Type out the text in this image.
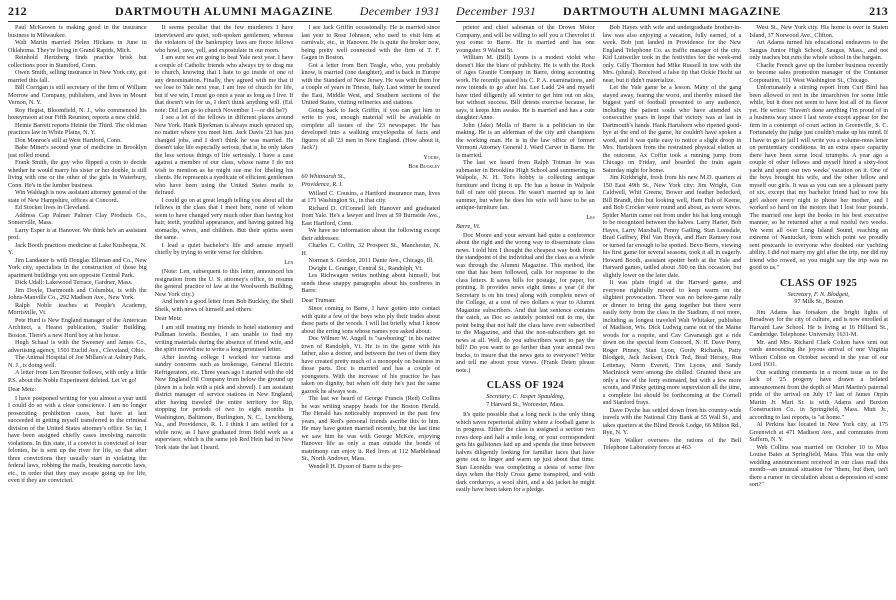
212	DARTMOUTH ALUMNI MAGAZINE	December 1931

Paul McKeown is making good in the insurance business in Milwaukee.

Walt Martin married Helen Hickans in June in Oklahoma. They're living in Grand Rapids, Mich.

Reinhold Hertzberg finds practice brisk but collections poor in Stamford, Conn.

Owen Smith, selling insurance in New York city, got married this fall.

Bill Corrigan is still secretary of the firm of William Morrow and Company, publishers, and lives in Mount Vernon, N. Y.

Roy Hegist, Bloomfield, N. J., who commenced his honeymoon at our Fifth Reunion, reports a new child.

Heinie Barrett reports Heinie the Third. The old man practices law in White Plains, N. Y.

Don Monroe's still at West Hartford, Conn.

Babe Miner's second year of medicine in Brooklyn just rolled round.

Frank Smith, the guy who flipped a coin to decide whether he would marry his sister or her double, is still living with one or the other of the girls in Waterbury, Conn. He's in the lumber business.

Win Waldagh is now assistant attorney general of the state of New Hampshire, offices at Concord.

Ed Stocker lives in Cleveland.

Address Cap Palmer Palmer Clay Products Co., Somerville, Mass.

Larry Esper is at Hanover. We think he's an assistant prof.

Jack Booth practices medicine at Lake Kushequa, N. Y.

Jim Landauer is with Douglas Elliman and Co., New York city, specialists in the construction of those big apartment buildings you see opposite Central Park.

Dick Udall: Lakewood Terrace, Gardner, Mass.

Jim Doyle, Dartmouth and Columbia, is with the Johns-Manville Co., 292 Madison Ave., New York.

Ralph Noble teaches at People's Academy, Morrisville, Vt.

Pete Hurd is New England manager of the American Architect, a Hearst publication, Statler Building, Boston. There's a new Hurd boy at his house.

Hugh Schaaf is with the Sweeney and James Co., advertising agency, 1501 Euclid Ave., Cleveland, Ohio.

The Animal Hospital of Joe Millars's at Asbury Park, N. J., is doing well.

A letter from Len Brooner follows, with only a little P.S. about the Noble Experiment deleted. Let 'er go!

Dear Metz:

I have postponed writing for you almost a year until I could do so with a clear conscience. I am no longer prosecuting prohibition cases, but have at last succeeded in getting myself transferred to the criminal division of the United States attorney's office. So far, I have been assigned chiefly cases involving narcotic violations. In this state, if a convict is convicted of four felonies, he is sent up the river for life, so that after three convictions they usually start in violating the federal laws, robbing the mails, breaking narcotic laws, etc., in order that they may escape going up for life, even if they are convicted.

It seems peculiar that the few murderers I have interviewed are quiet, soft-spoken gentlemen, whereas the violators of the bankruptcy laws are fierce fellows who howl, rave, yell, and expostulate in our room.

I am sure we are going to beat Yale next year. I have a couple of Catholic friends who always try to drag me to church, knowing that I hate to go inside of one of any denomination. Finally, they agreed with me that if we lose to Yale next year, I am free of church for life, but if we win, I must go once a year as long as I live. If that doesn't win for us, I don't think anything will. (Ed. note: Did Len go to church November 1—or did he?)

I see a lot of the fellows in different places around New York. Hank Bjorkman is always much spruced up, no matter where you meet him. Jack Davis '23 has just changed jobs, and I don't think he was married. He doesn't take life especially serious, that is, he only takes the less serious things of life seriously. I have a case against a member of our class, whose name I do not wish to mention as he might sue me for libeling his clients. He represents a syndicate of efficient gentlemen who have been using the United States mails to defraud.

I could go on at great length telling you about all the fellows in the class that I meet here, none of whom seem to have changed very much other than having lost hair, teeth, youthful appearance, and having gained big stomachs, wives, and children. But their spirits seem the same.

I lead a quiet bachelor's life and amuse myself chiefly by trying to write verse for children.

Len

(Note: Len, subsequent to this letter, announced his resignation from the U. S. attorney's office, to resume the general practice of law at the Woolworth Building, New York city.)

And here's a good letter from Bob Buckley, the Shell Sheik, with news of himself and others:

Dear Metz:

I am still treating my friends to hotel stationery and Pullman towels. Besides, I am unable to find my writing materials during the absence of friend wife, and the spirit moved me to write a long promised letter.

After leaving college I worked for various and sundry concerns such as brokerage, General Electric Refrigerators, etc. Three years ago I started with the old New England Oil Company from below the ground up (down in a hole with a pick and shovel). I am assistant district manager of service stations in New England, after having traveled the entire territory for Rip, stopping for periods of two to eight months in Washington, Baltimore, Burlington, N. C., Lynchburg, Va., and Providence, R. I. I think I am settled for a while now, as I have graduated from field work as a supervisor, which is the same job Red Hein had in New York state the last I heard.

I see Jack Griffin occasionally. He is married since last year to Rose Johnson, who used to visit him at carnivals, etc., in Hanover. He is quite the broker now, being pretty well connected with the firm of T. F. Gagen in Boston.

Got a letter from Bert Teagle, who, you probably know, is married (one daughter), and is back in Europe with the Standard of New Jersey. He was with them for a couple of years in Trieste, Italy. Last winter he toured the East, Middle West, and Southern sections of the United States, visiting refineries and stations.

Going back to Jack Griffin, if you can get him to write to you, enough material will be available to complete all issues of the '23 newspaper. He has developed into a walking encyclopedia of facts and figures of all '23 men in New England. (How about it, Jack?)

Yours,

Bob Buckley

60 Whitmarsh St.,

Providence, R. I.

Willard C. Cousins, a Hartford insurance man, lives at 171 Washington St., in that city.

Richard D. O'Connell left Hanover and graduated from Yale. He's a lawyer and lives at 59 Burnside Ave., East Hartford, Conn.

We have no information about the following except their addresses:

Charles C. Coffin, 32 Prospect St., Manchester, N. H.

Norman S. Gordon, 2011 Dante Ave., Chicago, Ill.

Dwight L. Granger, Central St., Randolph, Vt.

Les Richwagen writes nothing about himself, but sends these snappy paragraphs about his confreres in Barre:

Dear Truman:

Since coming to Barre, I have gotten into contact with quite a few of the boys who ply their trades about these parts of the woods. I will list briefly what I know about the erring sons whose names you asked about:

Doc Wilmer W. Angell is "sawboning" in his native town of Randolph, Vt. He is in the game with his father, also a doctor, and between the two of them they have created pretty much of a monopoly on business in those parts. Doc is married and has a couple of youngsters. With the increase of his practice he has taken on dignity, but when off duty he's just the same gazook he always was.

The last we heard of George Francis (Red) Collins he was writing snappy heads for the Boston Herald. The Herald has noticeably improved in the past few years, and Red's personal friends ascribe this to him. He may have gotten married recently, but the last time we saw him he was with George McKee, enjoying Hanover life as only a man outside the bonds of matrimony can enjoy it. Red lives at 112 Marblehead St., North Andover, Mass.

Wendell H. Dyson of Barre is the pro-

December 1931	DARTMOUTH ALUMNI MAGAZINE	213

prietor and chief salesman of the Drown Motor Company, and will be willing to sell you a Chevrolet if you come to Barre. He is married and has one youngster. 9 Walnut St.

William M. (Bill) Lyons is a modest violet who doesn't like the blare of publicity. He is with the Rock of Ages Granite Company in Barre, doing accounting work. He recently passed his C. P. A. examinations, and now intends to go after his. Lee Ladd '24 and myself have tried diligently all winter to get him out on skis, but without success. Bill detests exercise because, he says, it keeps him awake. He is married and has a cute daughter Anne.

John (Jake) Molla of Barre is a politician in the making. He is an alderman of the city and champions the working man. He is in the law office of former Vermont Attorney General J. Ward Carver in Barre. He is married.

The last we heard from Ralph Totman he was submaster in Brookline High School and summering in Walpole, N. H. Tot's hobby is collecting antique furniture and fixing it up. He has a house in Walpole full of rare old pieces. He wasn't married up to last summer, but when he does his wife will have to be an antique-furniture fan.

Les

Barre, Vt.

Doc Moore and your servant had quite a conference about the right and the wrong way to disseminate class news. I told him I thought the cheapest way both from the standpoint of the individual and the class as a whole was through the Alumni Magazine. This method, the one that has been followed, calls for response to the class letters. It saves bills for postage, for paper, for printing. It provides news eight times a year (if the Secretary is on his toes) along with complete news of the College, at a cost of two dollars a year to Alumni Magazine subscribers. And that last sentence contains the catch, as Doc so astutely pointed out to me, the point being that not half the class have ever subscribed to the Magazine, and that the non-subscribers get no news at all. Well, do you subscribers want to pay the bill? Do you want to go farther than your annual two bucks, to insure that the news gets to everyone? Write and tell me about your views. (Frank Deten please note.)

CLASS OF 1924
Secretary, C. Jasper Spaulding,
7 Harvard St., Worcester, Mass.

It's quite possible that a long neck is the only thing which saves repertorial ability where a football game is in progress. Either the class is assigned a section two rows deep and half a mile long, or your correspondent gets his gallstones laid up and spends the time between halves diligently looking for familiar faces that have gone out to linger and warm up just about that time. Stan Leonidis was completing a siesta of some five days when the Holy Cross game transpired, and with dark corduroys, a wool shirt, and a ski jacket he might easily have been taken for a pledge.

Bob Hayes with wife and undergraduate brother-in-law was also enjoying a vacation, fully earned, of a week. Bob just landed in Providence for the New England Telephone Co. as traffic manager of the city. Kid Luitweiler took in the festivities for the week-end only. Gilly Thornton had Mike Russell in tow with the Mrs. (plural). Received a false tip that Ockie Hecht sat near, but it didn't materialize.

Let the Yale game be a lesson. Many of the gang stayed away, fearing the worst, and thereby missed the biggest yard of football presented to any audience, including the patient souls who have attended six consecutive years in hope that victory was at last in Dartmouth's hands. Hank Hartshorn who ripened good-bye at the end of the game, he couldn't have spoken a word, and it was quite easy to notice a slight droop in Mrs. Hartshorn from the restrained physical elation at the outcome. Ax Coffin took a running jump from Chicago on Friday, and boarded the train again Saturday night for home.

Jim Kirkbright, fresh from his new M.D. quarters at 150 East 49th St., New York city: Jim Wright, Gus Caldwell, Whit Greene, Bower and feather bedecked, Bill Brandt, thin but looking well, Ham Fish of Keene, and Bob Crocker were round and about, as were wives. Spider Martin came out from under his hat long enough to be recognized between the halves. Larry Harter, Bob Hayes, Larry Marshall, Fenny Gatling, Stan Lonsdale, Brad Gaffney, Phil Van Huyck, and Harr Ramsey rose or turned far enough to be spotted. Bevo Beers, viewing his first game for several seasons, took it all in eagerly. Howard Booth, assistant spotter both at the Yale and Harvard games, tattled about .500 on this occasion, but slightly lower on the later date.

It was plain frigid at the Harvard game, and everyone rightfully moved to keep warm on the slightest provocation. There was no before-game rally or dinner to bring the gang together but there were easily forty from the class in the Stadium, if not more, including as longest traveled Walt Whitaker, publisher of Madison, Wis. Dick Ludwig came out of the Maine woods for a respite, and Cav Cavanaugh got a ride down on the special from Concord, N. H. Dave Perry, Roger Pinney, Stan Lyon, Gordy Richards, Patty Blodgett, Jack Jackson, Dick Ted, Brad Hersey, Rus Lettenay, Norm Everett, Tim Lyons, and Sandy MacIntock were among the chilled. Granted these are only a few of the forty estimated, but with a few more scouts, and Pinky getting more supervision all the time, a complete list should be forthcoming at the Cornell and Stanford frays.

Dave Dyche has settled down from his country-wide travels with the National City Bank at 55 Wall St., and takes quarters at the Blind Brook Lodge, 66 Milton Rd., Rye, N. Y.

Ken Walker oversees the rations of the Bell Telephone Laboratory forces at 463

West St., New York city. His home is over in Staten Island, 37 Norwood Ave., Clifton.

Art Adams turned his educational endeavors to the Saugus Junior High School, Saugus, Mass., and not only teaches but runs the whole school in the bargain.

Charlie French gave up the lumber business recently to become sales promotion manager of the Container Corporation, 111 West Washington St., Chicago.

Unfortunately a stirring report from Curt Bird has been allowed to rest in the timarchives for some little while, but it does not seem to have lost all of its flavor yet. He writes: "Haven't done anything I'm proud of in a business way since I last wrote except appear for the firm in a contempt of court action in Greenville, S. C. Fortunately the judge just couldn't make up his mind. If I have to go to jail I will write you a volume-nous letter on penitentiary conditions. In an extra space capacity there have been some local triumphs. A year ago a couple of other fellows and myself hired a sixty-foot yacht and spent our two weeks' vacation on it. One of the boys brought his wife, and the other fellow and myself our girls. It was as you can see a pleasant party of six, except that my bachelor friend had to row his girl ashore every night to phone her mother, and I worked so hard on the motors that I lost four pounds. The married one kept the books in his best executive manner, so he returned after a real restful two weeks. We went all over Long Island Sound, reaching an extreme of Nantucket, from which point we proudly sent postcards to everyone who doubted our yachting ability. I did not marry my girl after the trip, nor did my friend who rowed, so you might say the trip was no good to us."

CLASS OF 1925
Secretary, F. N. Blodgett,
97 Milk St., Boston

Jim Adams has forsaken the bright lights of Broadway for the city of culture, and is now enrolled at Harvard Law School. He is living at 16 Hilliard St., Cambridge. Telephone: University 1631-M.

Mr. and Mrs. Richard Clark Colton have sent out cards announcing the joyous arrival of one Virginia Wilson Colton on October second in the year of our Lord 1931.

Our scathing comments in a recent issue as to the lack of '25 progeny have drawn a belated announcement from the depth of Mart Martin's paternal pride of the arrival on July 17 last of James Orpin Martin Jr. Mart Sr. is with Adams and Buxton Construction Co. in Springfield, Mass. Mutt Jr., according to last reports, is "at home."

Al Perkins has located in New York city, at 175 Greenwich at 471 Madison Ave., and commutes from Suffern, N. Y.

Web Collins was married on October 10 to Miss Louise Bates at Springfield, Mass. This was the only wedding announcement received in our class mail this month—an unusual situation for "them, but then, isn't there a rumor in circulation about a depression of some sort?"
